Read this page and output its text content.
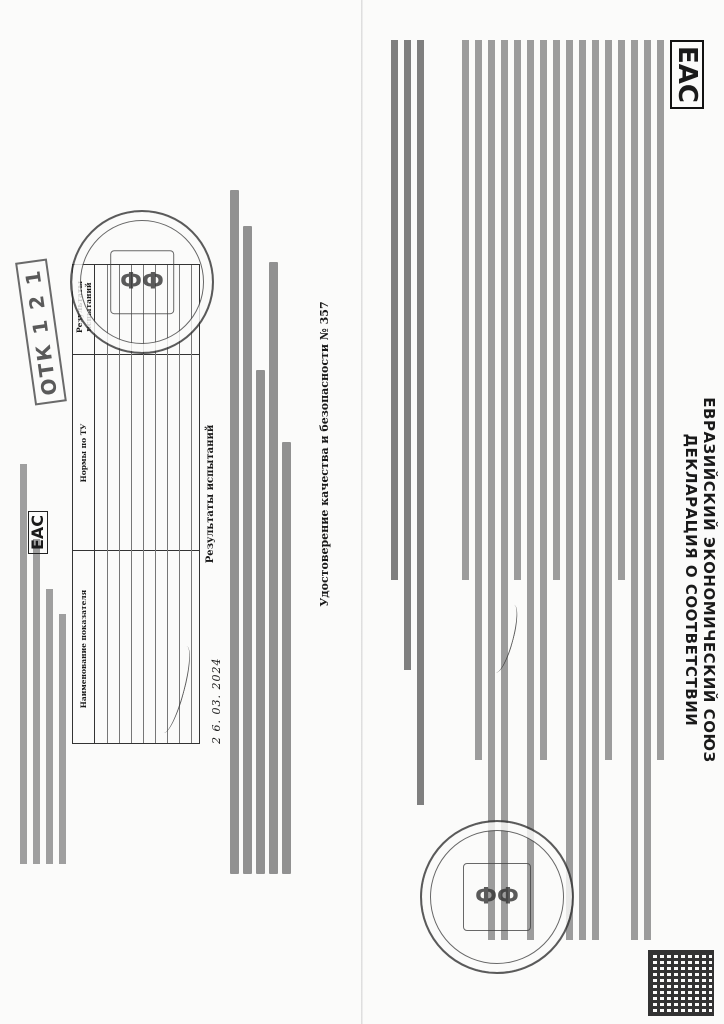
Удостоверение качества и безопасности № 357
2 6. 03. 2024
Результаты испытаний
Наименование показателя
Нормы по ТУ
Результаты испытаний
EAC
ОТК 1 2 1
EAC
ЕВРАЗИЙСКИЙ ЭКОНОМИЧЕСКИЙ СОЮЗ
ДЕКЛАРАЦИЯ О СООТВЕТСТВИИ
ФФ
ФФ
